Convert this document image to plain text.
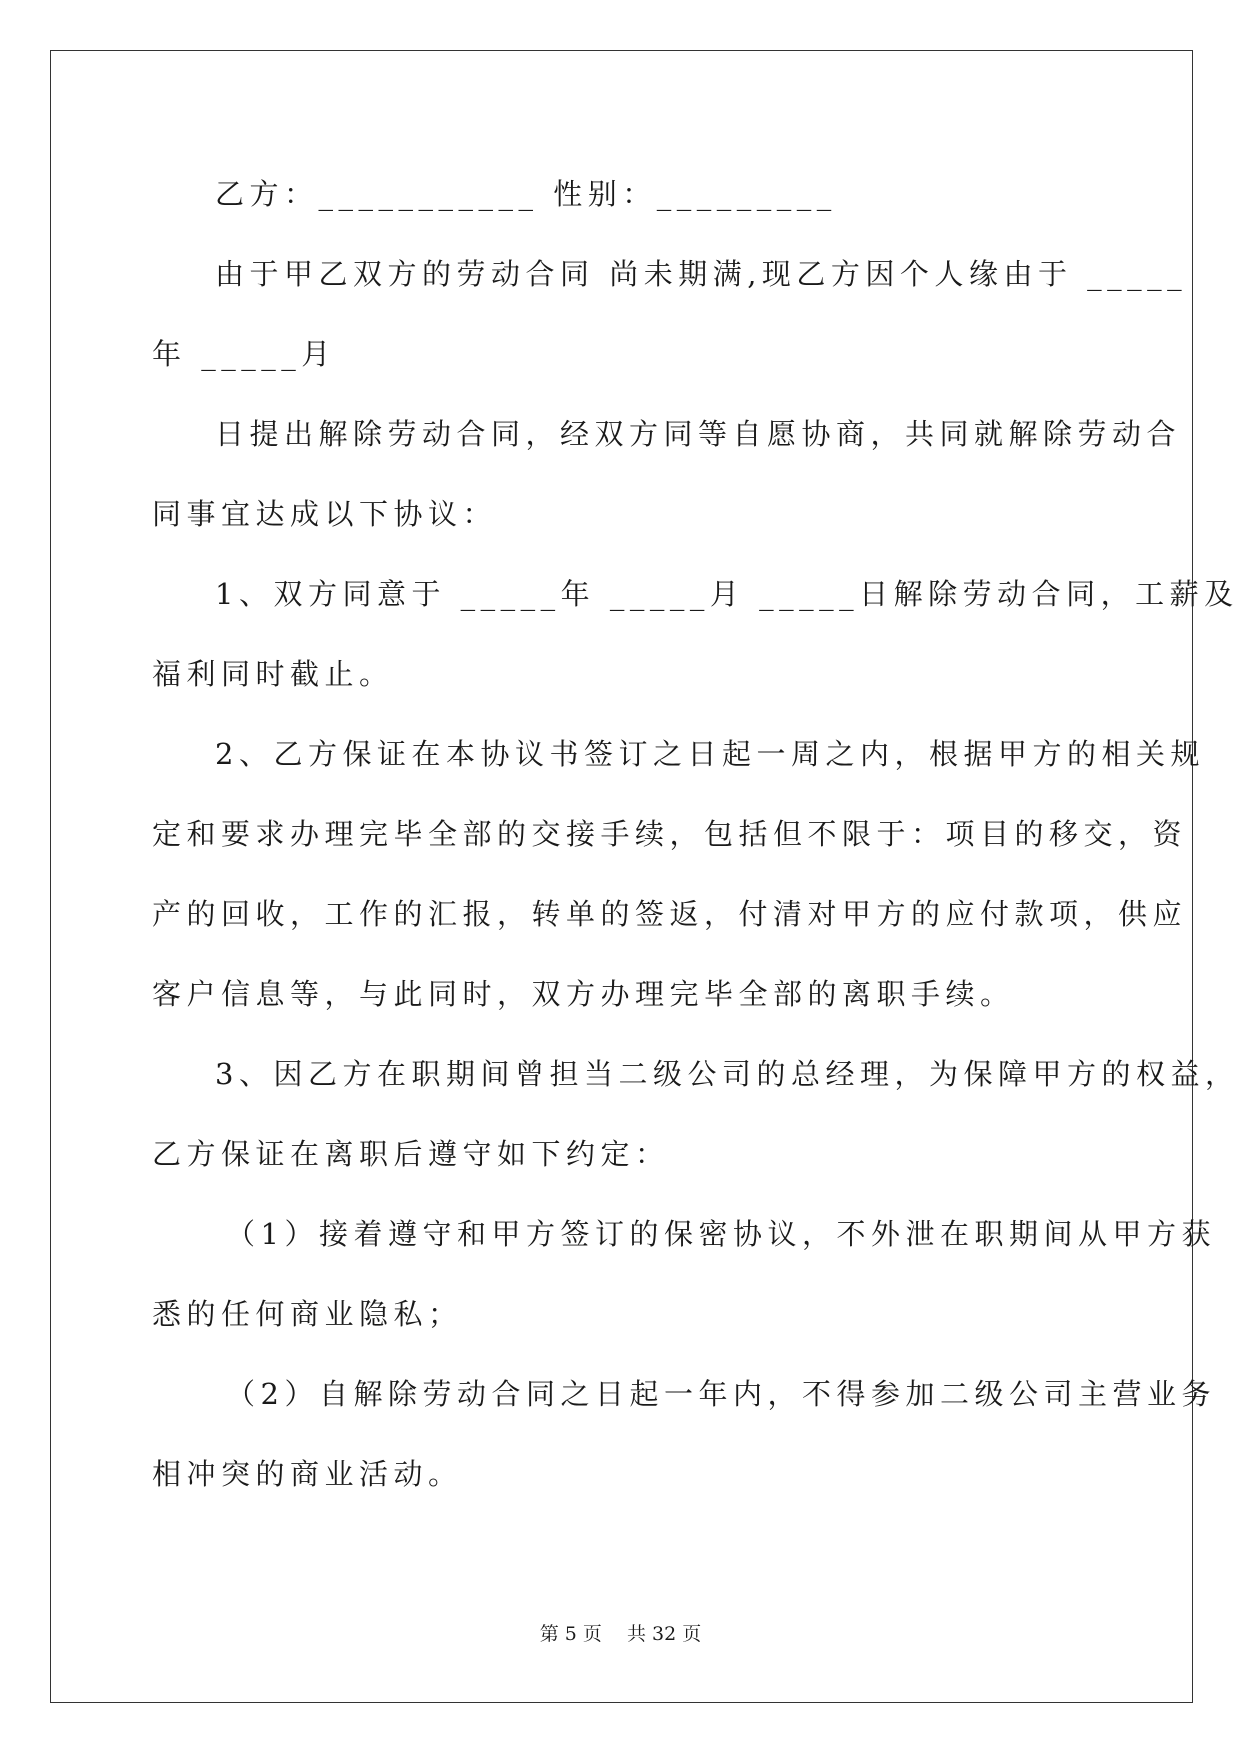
乙方：___________ 性别：_________
由于甲乙双方的劳动合同 尚未期满,现乙方因个人缘由于 _____
年 _____月
日提出解除劳动合同，经双方同等自愿协商，共同就解除劳动合
同事宜达成以下协议：
1、双方同意于 _____年 _____月 _____日解除劳动合同，工薪及
福利同时截止。
2、乙方保证在本协议书签订之日起一周之内，根据甲方的相关规
定和要求办理完毕全部的交接手续，包括但不限于：项目的移交，资
产的回收，工作的汇报，转单的签返，付清对甲方的应付款项，供应
客户信息等，与此同时，双方办理完毕全部的离职手续。
3、因乙方在职期间曾担当二级公司的总经理，为保障甲方的权益，
乙方保证在离职后遵守如下约定：
（1）接着遵守和甲方签订的保密协议，不外泄在职期间从甲方获
悉的任何商业隐私；
（2）自解除劳动合同之日起一年内，不得参加二级公司主营业务
相冲突的商业活动。
第 5 页　 共 32 页
